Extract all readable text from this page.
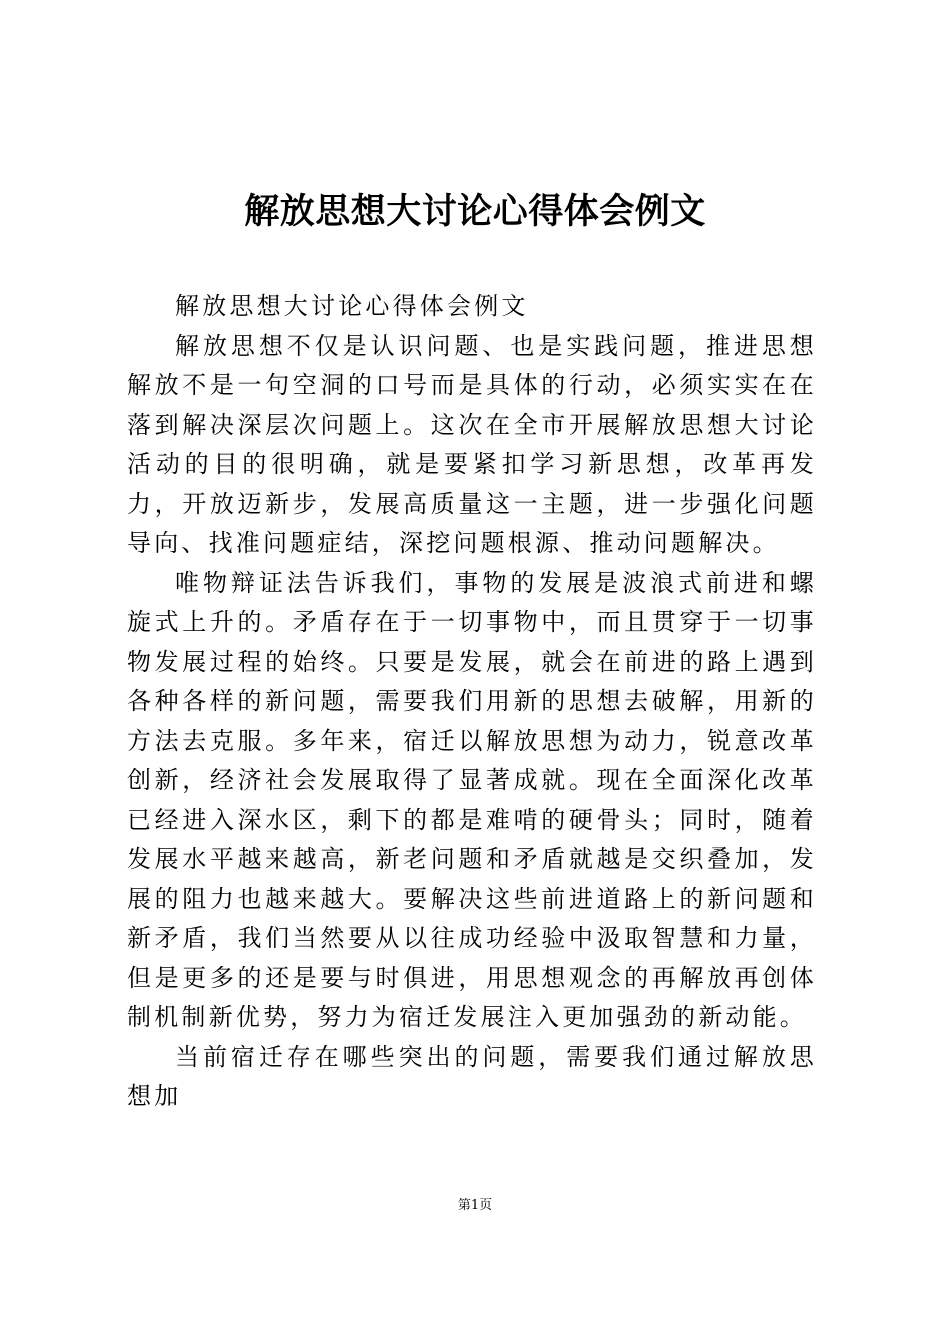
解放思想大讨论心得体会例文

解放思想大讨论心得体会例文

解放思想不仅是认识问题、也是实践问题，推进思想解放不是一句空洞的口号而是具体的行动，必须实实在在落到解决深层次问题上。这次在全市开展解放思想大讨论活动的目的很明确，就是要紧扣学习新思想，改革再发力，开放迈新步，发展高质量这一主题，进一步强化问题导向、找准问题症结，深挖问题根源、推动问题解决。

唯物辩证法告诉我们，事物的发展是波浪式前进和螺旋式上升的。矛盾存在于一切事物中，而且贯穿于一切事物发展过程的始终。只要是发展，就会在前进的路上遇到各种各样的新问题，需要我们用新的思想去破解，用新的方法去克服。多年来，宿迁以解放思想为动力，锐意改革创新，经济社会发展取得了显著成就。现在全面深化改革已经进入深水区，剩下的都是难啃的硬骨头；同时，随着发展水平越来越高，新老问题和矛盾就越是交织叠加，发展的阻力也越来越大。要解决这些前进道路上的新问题和新矛盾，我们当然要从以往成功经验中汲取智慧和力量，但是更多的还是要与时俱进，用思想观念的再解放再创体制机制新优势，努力为宿迁发展注入更加强劲的新动能。

当前宿迁存在哪些突出的问题，需要我们通过解放思想加

第1页
